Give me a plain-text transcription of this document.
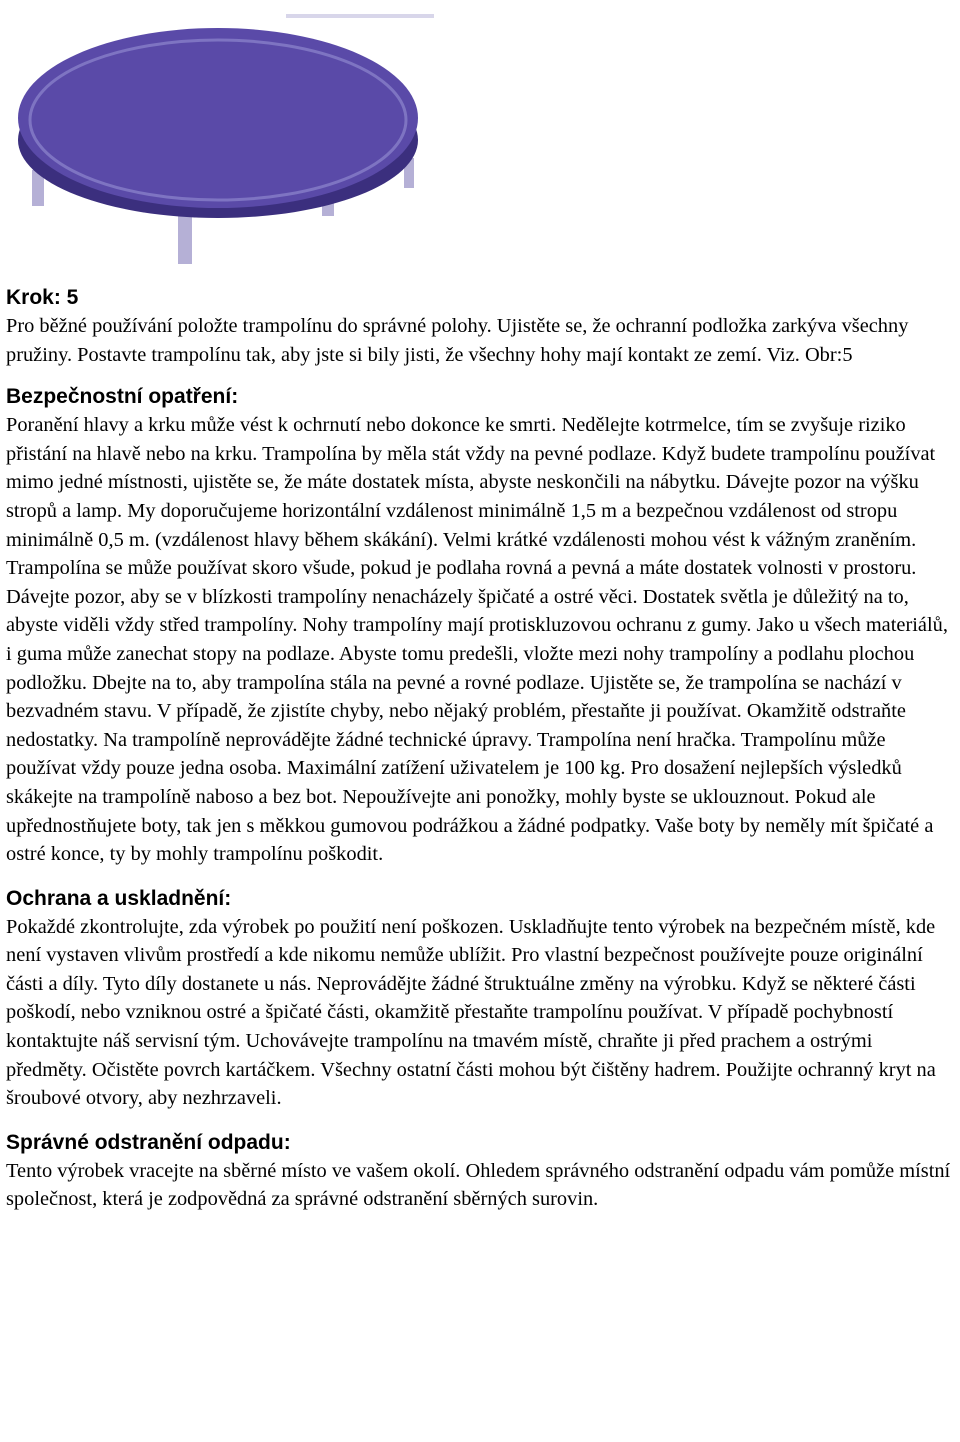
Krok: 5

Pro běžné používání položte trampolínu do správné polohy. Ujistěte se, že ochranní podložka zarkýva všechny pružiny. Postavte trampolínu tak, aby jste si bily jisti, že všechny hohy mají kontakt ze zemí. Viz. Obr:5

Bezpečnostní opatření:

Poranění hlavy a krku může vést k ochrnutí nebo dokonce ke smrti. Nedělejte kotrmelce, tím se zvyšuje riziko přistání na hlavě nebo na krku. Trampolína by měla stát vždy na pevné podlaze. Když budete trampolínu používat mimo jedné místnosti, ujistěte se, že máte dostatek místa, abyste neskončili na nábytku. Dávejte pozor na výšku stropů a lamp. My doporučujeme horizontální vzdálenost minimálně 1,5 m a bezpečnou vzdálenost od stropu minimálně 0,5 m. (vzdálenost hlavy během skákání). Velmi krátké vzdálenosti mohou vést k vážným zraněním. Trampolína se může používat skoro všude, pokud je podlaha rovná a pevná a máte dostatek volnosti v prostoru. Dávejte pozor, aby se v blízkosti trampolíny nenacházely špičaté a ostré věci. Dostatek světla je důležitý na to, abyste viděli vždy střed trampolíny. Nohy trampolíny mají protiskluzovou ochranu z gumy. Jako u všech materiálů, i guma může zanechat stopy na podlaze. Abyste tomu predešli, vložte mezi nohy trampolíny a podlahu plochou podložku. Dbejte na to, aby trampolína stála na pevné a rovné podlaze. Ujistěte se, že trampolína se nachází v bezvadném stavu. V případě, že zjistíte chyby, nebo nějaký problém, přestaňte ji používat. Okamžitě odstraňte nedostatky. Na trampolíně neprovádějte žádné technické úpravy. Trampolína není hračka. Trampolínu může používat vždy pouze jedna osoba. Maximální zatížení uživatelem je 100 kg. Pro dosažení nejlepších výsledků skákejte na trampolíně naboso a bez bot. Nepoužívejte ani ponožky, mohly byste se uklouznout. Pokud ale upřednostňujete boty, tak jen s měkkou gumovou podrážkou a žádné podpatky. Vaše boty by neměly mít špičaté a ostré konce, ty by mohly trampolínu poškodit.

Ochrana a uskladnění:

Pokaždé zkontrolujte, zda výrobek po použití není poškozen. Uskladňujte tento výrobek na bezpečném místě, kde není vystaven vlivům prostředí a kde nikomu nemůže ublížit. Pro vlastní bezpečnost používejte pouze originální části a díly. Tyto díly dostanete u nás. Neprovádějte žádné štruktuálne změny na výrobku. Když se některé části poškodí, nebo vzniknou ostré a špičaté části, okamžitě přestaňte trampolínu používat. V případě pochybností kontaktujte náš servisní tým. Uchovávejte trampolínu na tmavém místě, chraňte ji před prachem a ostrými předměty. Očistěte povrch kartáčkem. Všechny ostatní části mohou být čištěny hadrem. Použijte ochranný kryt na šroubové otvory, aby nezhrzaveli.

Správné odstranění odpadu:

Tento výrobek vracejte na sběrné místo ve vašem okolí. Ohledem správného odstranění odpadu vám pomůže místní společnost, která je zodpovědná za správné odstranění sběrných surovin.
